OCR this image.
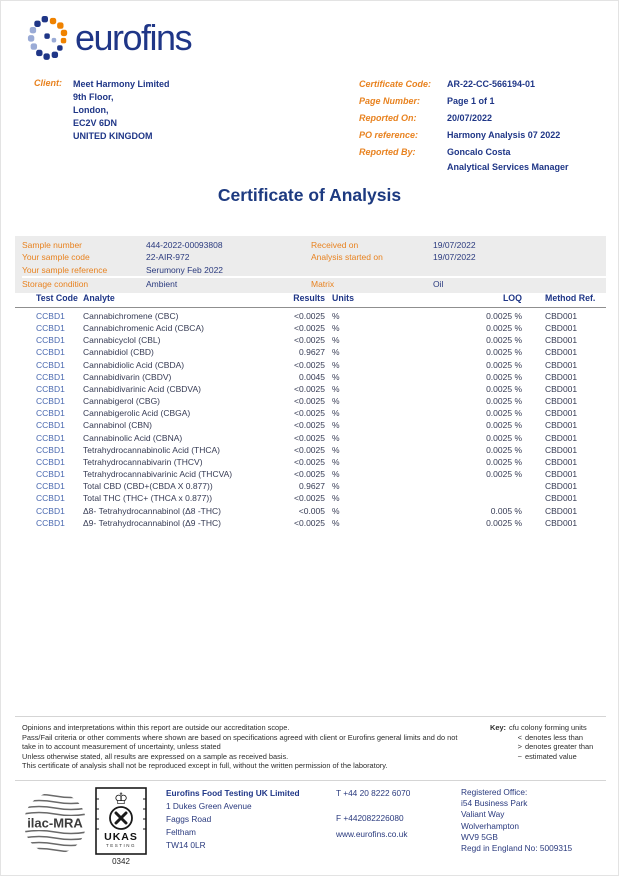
eurofins
Client:	Meet Harmony Limited
9th Floor,
London,
EC2V 6DN
UNITED KINGDOM
Certificate Code:	AR-22-CC-566194-01
Page Number:	Page 1 of 1
Reported On:	20/07/2022
PO reference:	Harmony Analysis 07 2022
Reported By:	Goncalo Costa
Analytical Services Manager
Certificate of Analysis
Sample number	444-2022-00093808	Received on	19/07/2022
Your sample code	22-AIR-972	Analysis started on	19/07/2022
Your sample reference	Serumony Feb 2022
Storage condition	Ambient	Matrix	Oil
Test Code Analyte	Results Units	LOQ	Method Ref.
CCBD1	Cannabichromene (CBC)	<0.0025 %	0.0025 %	CBD001
CCBD1	Cannabichromenic Acid (CBCA)	<0.0025 %	0.0025 %	CBD001
CCBD1	Cannabicyclol (CBL)	<0.0025 %	0.0025 %	CBD001
CCBD1	Cannabidiol (CBD)	0.9627 %	0.0025 %	CBD001
CCBD1	Cannabidiolic Acid (CBDA)	<0.0025 %	0.0025 %	CBD001
CCBD1	Cannabidivarin (CBDV)	0.0045 %	0.0025 %	CBD001
CCBD1	Cannabidivarinic Acid (CBDVA)	<0.0025 %	0.0025 %	CBD001
CCBD1	Cannabigerol (CBG)	<0.0025 %	0.0025 %	CBD001
CCBD1	Cannabigerolic Acid (CBGA)	<0.0025 %	0.0025 %	CBD001
CCBD1	Cannabinol (CBN)	<0.0025 %	0.0025 %	CBD001
CCBD1	Cannabinolic Acid (CBNA)	<0.0025 %	0.0025 %	CBD001
CCBD1	Tetrahydrocannabinolic Acid (THCA)	<0.0025 %	0.0025 %	CBD001
CCBD1	Tetrahydrocannabivarin (THCV)	<0.0025 %	0.0025 %	CBD001
CCBD1	Tetrahydrocannabivarinic Acid (THCVA)	<0.0025 %	0.0025 %	CBD001
CCBD1	Total CBD (CBD+(CBDA X 0.877))	0.9627 %	CBD001
CCBD1	Total THC (THC+ (THCA x 0.877))	<0.0025 %	CBD001
CCBD1	Δ8- Tetrahydrocannabinol (Δ8 -THC)	<0.005 %	0.005 %	CBD001
CCBD1	Δ9- Tetrahydrocannabinol (Δ9 -THC)	<0.0025 %	0.0025 %	CBD001
Opinions and interpretations within this report are outside our accreditation scope.
Pass/Fail criteria or other comments where shown are based on specifications agreed with client or Eurofins general limits and do not
take in to account measurement of uncertainty, unless stated
Unless otherwise stated, all results are expressed on a sample as received basis.
This certificate of analysis shall not be reproduced except in full, without the written permission of the laboratory.
Key: cfu colony forming units
< denotes less than
> denotes greater than
~ estimated value
ilac-MRA
♔
UKAS
TESTING
0342
Eurofins Food Testing UK Limited
1 Dukes Green Avenue
Faggs Road
Feltham
TW14 0LR
T +44 20 8222 6070
F +442082226080
www.eurofins.co.uk
Registered Office:
i54 Business Park
Valiant Way
Wolverhampton
WV9 5GB
Regd in England No: 5009315
